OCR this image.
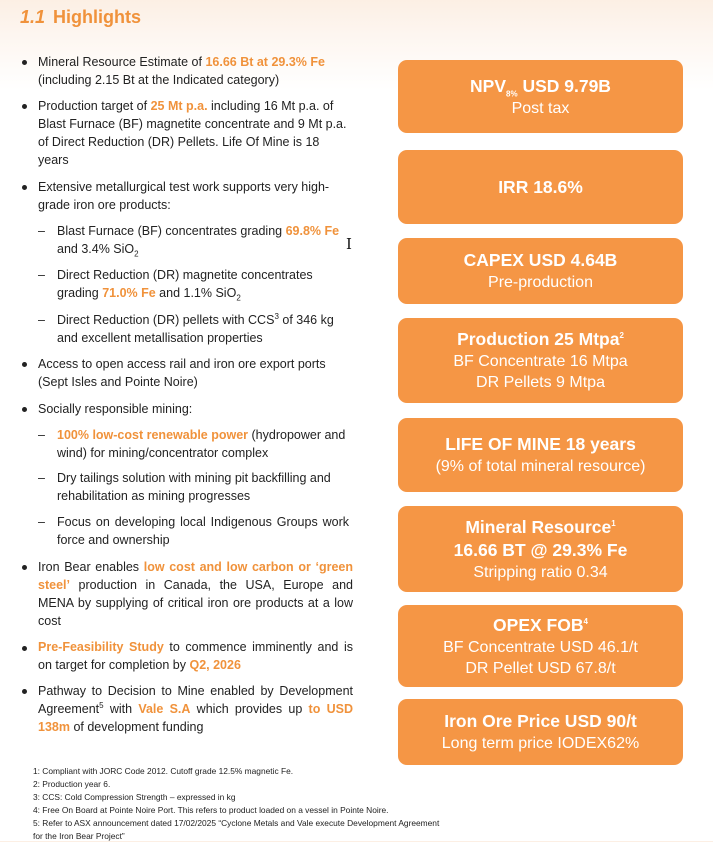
1.1 Highlights
Mineral Resource Estimate of 16.66 Bt at 29.3% Fe (including 2.15 Bt at the Indicated category)
Production target of 25 Mt p.a. including 16 Mt p.a. of Blast Furnace (BF) magnetite concentrate and 9 Mt p.a. of Direct Reduction (DR) Pellets. Life Of Mine is 18 years
Extensive metallurgical test work supports very high-grade iron ore products:
– Blast Furnace (BF) concentrates grading 69.8% Fe and 3.4% SiO$_2$
– Direct Reduction (DR) magnetite concentrates grading 71.0% Fe and 1.1% SiO$_2$
– Direct Reduction (DR) pellets with CCS$^3$ of 346 kg and excellent metallisation properties
Access to open access rail and iron ore export ports (Sept Isles and Pointe Noire)
Socially responsible mining:
– 100% low-cost renewable power (hydropower and wind) for mining/concentrator complex
– Dry tailings solution with mining pit backfilling and rehabilitation as mining progresses
– Focus on developing local Indigenous Groups work force and ownership
Iron Bear enables low cost and low carbon or ‘green steel’ production in Canada, the USA, Europe and MENA by supplying of critical iron ore products at a low cost
Pre-Feasibility Study to commence imminently and is on target for completion by Q2, 2026
Pathway to Decision to Mine enabled by Development Agreement$^5$ with Vale S.A which provides up to USD 138m of development funding
I
$NPV_{8\%}$ USD 9.79B
Post tax
IRR 18.6%
CAPEX USD 4.64B
Pre-production
Production 25 Mtpa$^2$
BF Concentrate 16 Mtpa
DR Pellets 9 Mtpa
LIFE OF MINE 18 years
(9% of total mineral resource)
Mineral Resource$^1$
16.66 BT @ 29.3% Fe
Stripping ratio 0.34
OPEX FOB$^4$
BF Concentrate USD 46.1/t
DR Pellet USD 67.8/t
Iron Ore Price USD 90/t
Long term price IODEX62%
1: Compliant with JORC Code 2012. Cutoff grade 12.5% magnetic Fe.
2: Production year 6.
3: CCS: Cold Compression Strength – expressed in kg
4: Free On Board at Pointe Noire Port. This refers to product loaded on a vessel in Pointe Noire.
5: Refer to ASX announcement dated 17/02/2025 “Cyclone Metals and Vale execute Development Agreement
for the Iron Bear Project”
